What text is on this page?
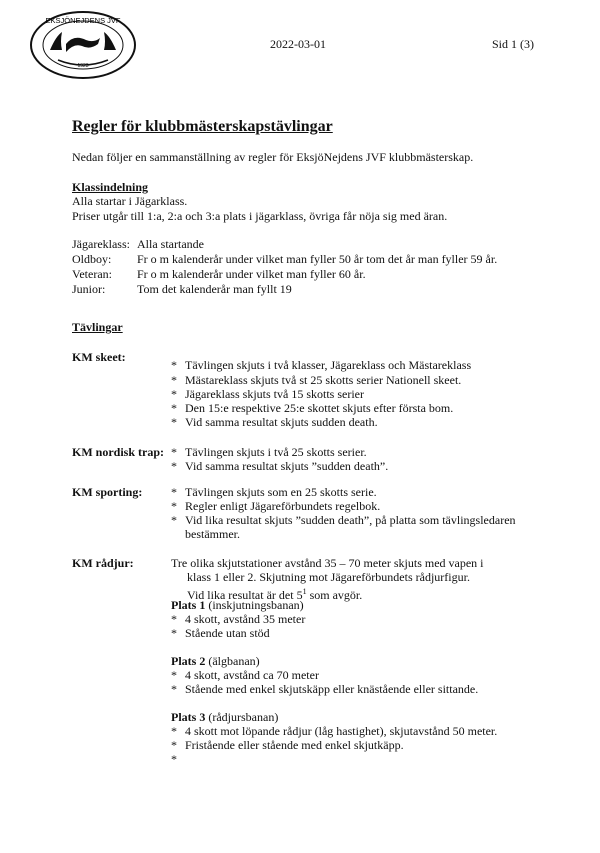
EKSJÖNEJDENS JVF
1923
2022-03-01	Sid 1 (3)
Regler för klubbmästerskapstävlingar
Nedan följer en sammanställning av regler för EksjöNejdens JVF klubbmästerskap.
Klassindelning
Alla startar i Jägarklass.
Priser utgår till 1:a, 2:a och 3:a plats i jägarklass, övriga får nöja sig med äran.
Jägareklass: Alla startande
Oldboy: Fr o m kalenderår under vilket man fyller 50 år tom det år man fyller 59 år.
Veteran: Fr o m kalenderår under vilket man fyller 60 år.
Junior:	Tom det kalenderår man fyllt 19
Tävlingar
KM skeet:
* Tävlingen skjuts i två klasser, Jägareklass och Mästareklass
* Mästareklass skjuts två st 25 skotts serier Nationell skeet.
* Jägareklass skjuts två 15 skotts serier
* Den 15:e respektive 25:e skottet skjuts efter första bom.
* Vid samma resultat skjuts sudden death.
KM nordisk trap: * Tävlingen skjuts i två 25 skotts serier.
* Vid samma resultat skjuts ”sudden death”.
KM sporting: * Tävlingen skjuts som en 25 skotts serie.
* Regler enligt Jägareförbundets regelbok.
* Vid lika resultat skjuts ”sudden death”, på platta som tävlingsledaren
bestämmer.
KM rådjur:	Tre olika skjutstationer avstånd 35 – 70 meter skjuts med vapen i
klass 1 eller 2. Skjutning mot Jägareförbundets rådjurfigur.
Vid lika resultat är $\det 5^1$ som avgör.
Plats 1 (inskjutningsbanan)
* 4 skott, avstånd 35 meter
* Stående utan stöd
Plats 2 (älgbanan)
* 4 skott, avstånd ca 70 meter
* Stående med enkel skjutskäpp eller knästående eller sittande.
Plats 3 (rådjursbanan)
* 4 skott mot löpande rådjur (låg hastighet), skjutavstånd 50 meter.
* Fristående eller stående med enkel skjutkäpp.
*
